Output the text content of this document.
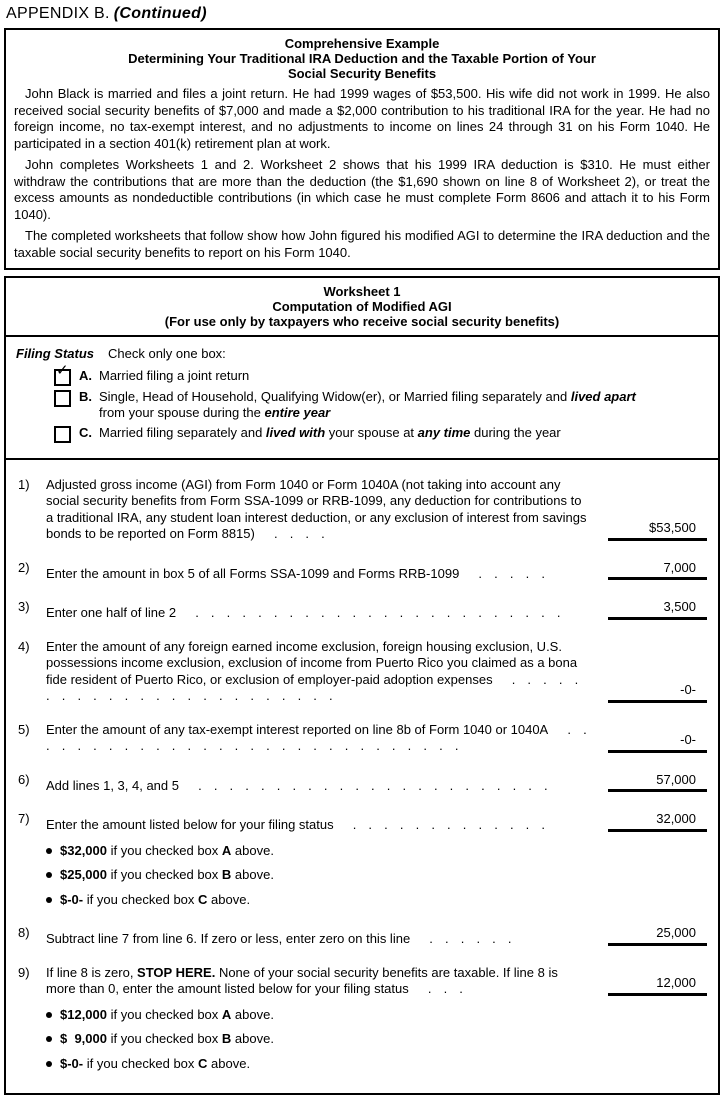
APPENDIX B. (Continued)
Comprehensive Example
Determining Your Traditional IRA Deduction and the Taxable Portion of Your
Social Security Benefits

John Black is married and files a joint return. He had 1999 wages of $53,500. His wife did not work in 1999. He also received social security benefits of $7,000 and made a $2,000 contribution to his traditional IRA for the year. He had no foreign income, no tax-exempt interest, and no adjustments to income on lines 24 through 31 on his Form 1040. He participated in a section 401(k) retirement plan at work.

John completes Worksheets 1 and 2. Worksheet 2 shows that his 1999 IRA deduction is $310. He must either withdraw the contributions that are more than the deduction (the $1,690 shown on line 8 of Worksheet 2), or treat the excess amounts as nondeductible contributions (in which case he must complete Form 8606 and attach it to his Form 1040).

The completed worksheets that follow show how John figured his modified AGI to determine the IRA deduction and the taxable social security benefits to report on his Form 1040.

Worksheet 1
Computation of Modified AGI
(For use only by taxpayers who receive social security benefits)
Filing Status Check only one box:
✓ A. Married filing a joint return
B. Single, Head of Household, Qualifying Widow(er), or Married filing separately and lived apart from your spouse during the entire year
C. Married filing separately and lived with your spouse at any time during the year
1)	Adjusted gross income (AGI) from Form 1040 or Form 1040A (not taking into account any social security benefits from Form SSA-1099 or RRB-1099, any deduction for contributions to a traditional IRA, any student loan interest deduction, or any exclusion of interest from savings bonds to be reported on Form 8815) . . . .	$53,500
2)	Enter the amount in box 5 of all Forms SSA-1099 and Forms RRB-1099 . . . . .	7,000
3)	Enter one half of line 2 . . . . . . . . . . . . . . . . . . . . . . . .	3,500
4)	Enter the amount of any foreign earned income exclusion, foreign housing exclusion, U.S. possessions income exclusion, exclusion of income from Puerto Rico you claimed as a bona fide resident of Puerto Rico, or exclusion of employer-paid adoption expenses . . . . . . . . . . . . . . . . . . . . . . . .	-0-
5)	Enter the amount of any tax-exempt interest reported on line 8b of Form 1040 or 1040A . . . . . . . . . . . . . . . . . . . . . . . . . . . . .	-0-
6)	Add lines 1, 3, 4, and 5 . . . . . . . . . . . . . . . . . . . . . . .	57,000
7)	Enter the amount listed below for your filing status . . . . . . . . . . . . .	32,000
$32,000 if you checked box A above.
$25,000 if you checked box B above.
$-0- if you checked box C above.
8)	Subtract line 7 from line 6. If zero or less, enter zero on this line . . . . . .	25,000
9)	If line 8 is zero, STOP HERE. None of your social security benefits are taxable. If line 8 is more than 0, enter the amount listed below for your filing status . . .	12,000
$12,000 if you checked box A above.
$  9,000 if you checked box B above.
$-0- if you checked box C above.
